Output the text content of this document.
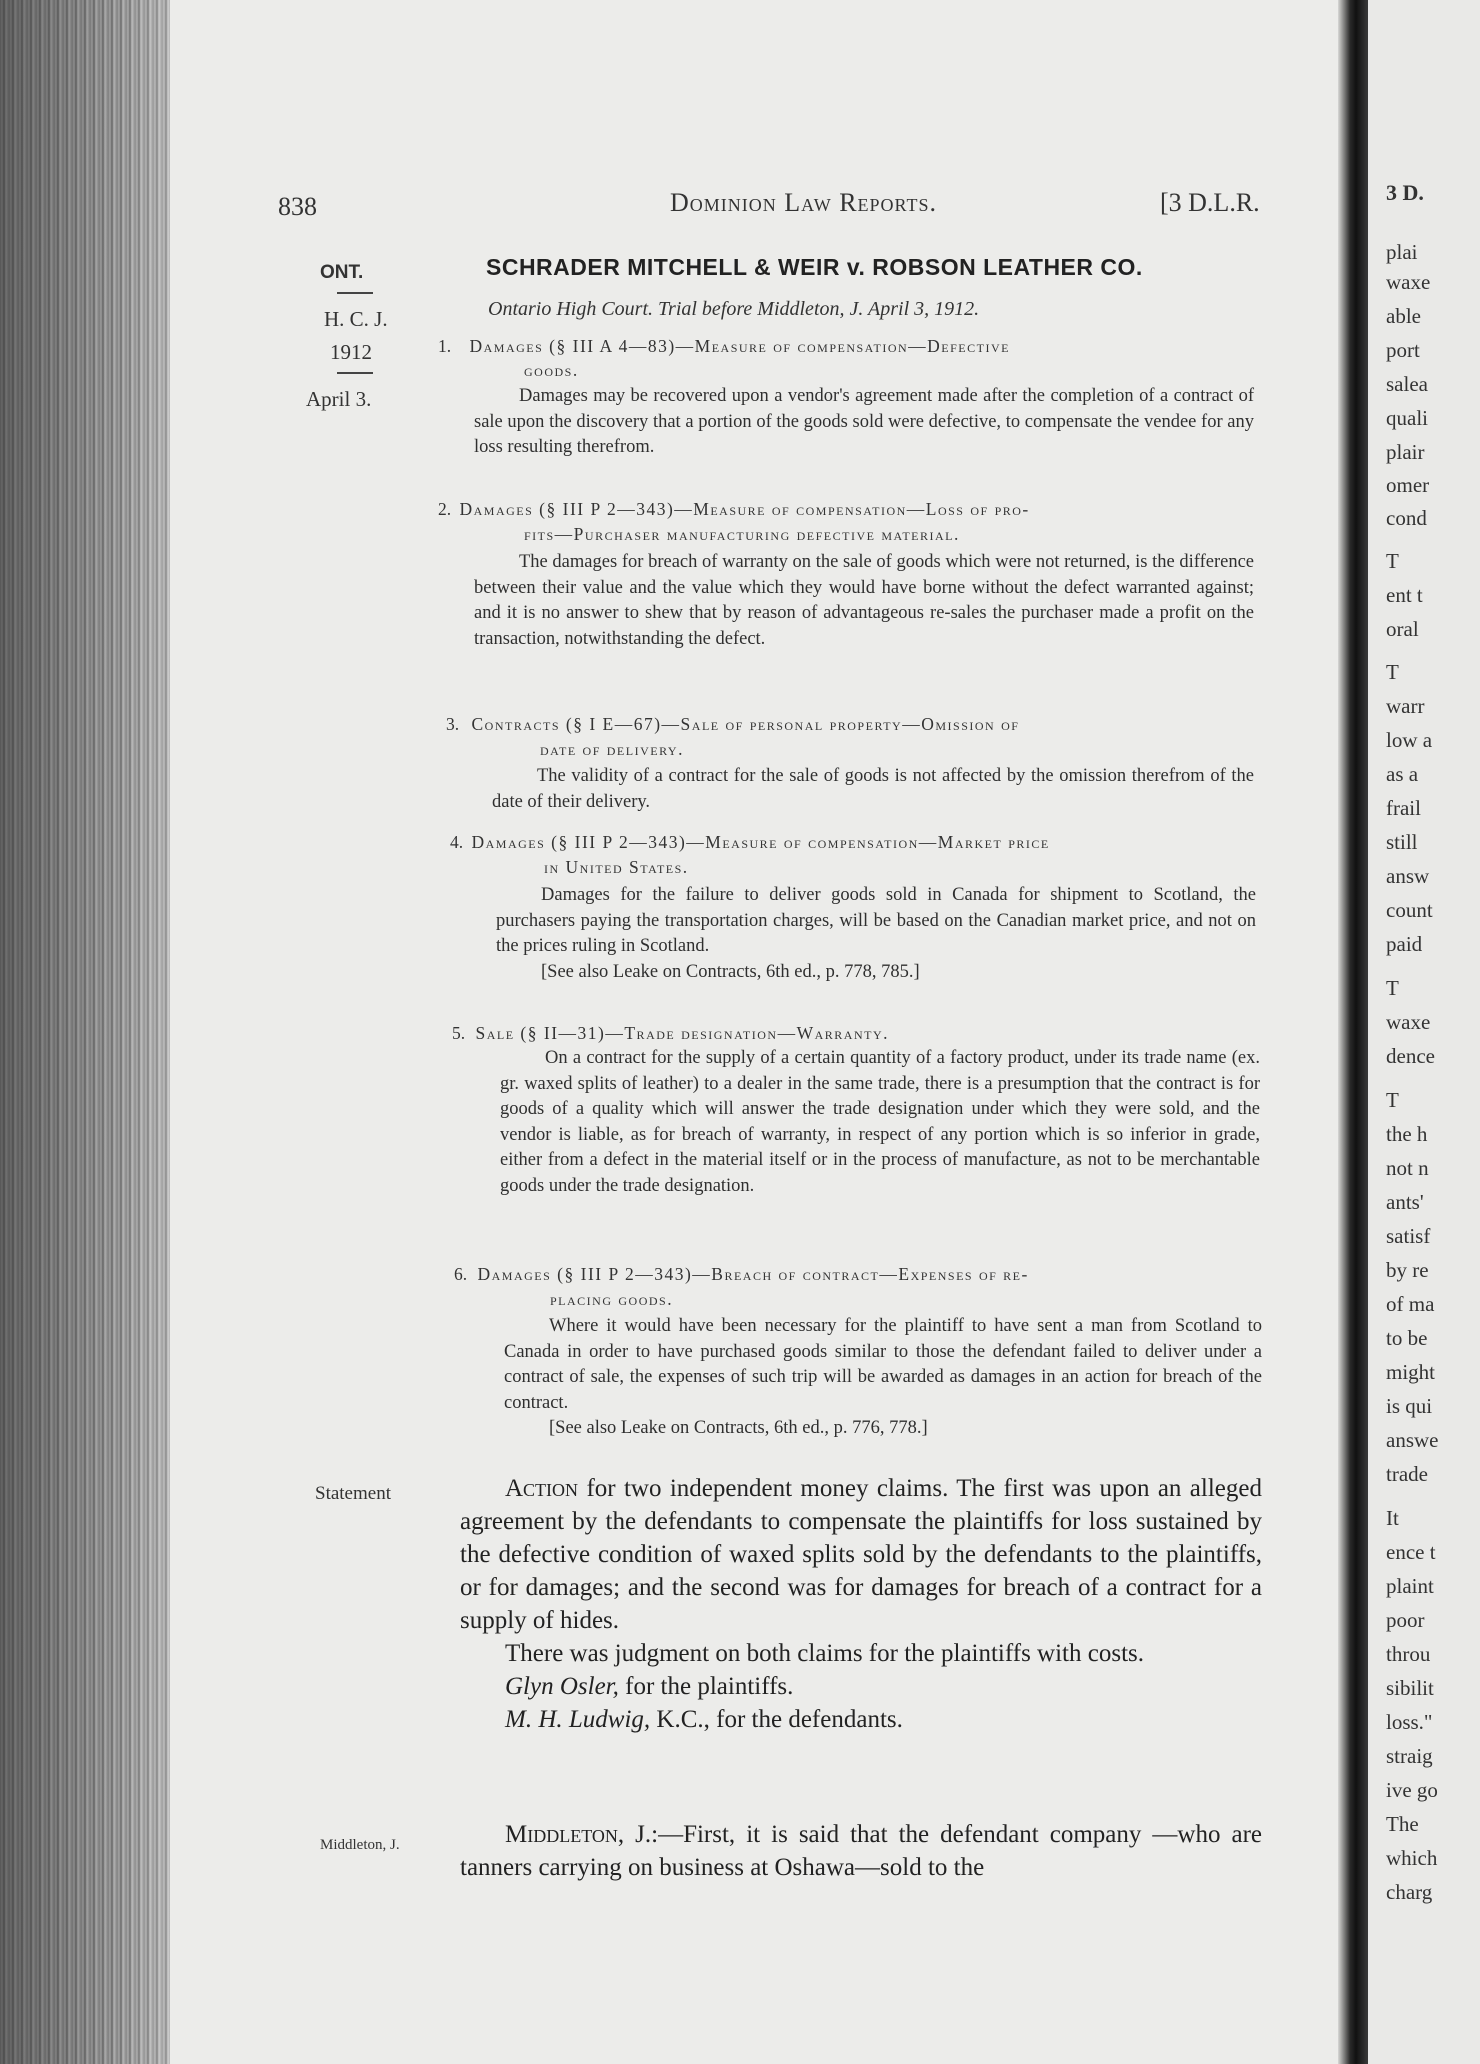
838	Dominion Law Reports.	[3 D.L.R.
ONT.
H. C. J.
1912
April 3.
Statement
Middleton, J.
SCHRADER MITCHELL & WEIR v. ROBSON LEATHER CO.
Ontario High Court. Trial before Middleton, J. April 3, 1912.
1. Damages (§ III A 4—83)—Measure of compensation—Defective
goods.

Damages may be recovered upon a vendor's agreement made after the completion of a contract of sale upon the discovery that a portion of the goods sold were defective, to compensate the vendee for any loss resulting therefrom.

2. Damages (§ III P 2—343)—Measure of compensation—Loss of pro-
fits—Purchaser manufacturing defective material.

The damages for breach of warranty on the sale of goods which were not returned, is the difference between their value and the value which they would have borne without the defect warranted against; and it is no answer to shew that by reason of advantageous re-sales the purchaser made a profit on the transaction, notwithstanding the defect.

3. Contracts (§ I E—67)—Sale of personal property—Omission of
date of delivery.

The validity of a contract for the sale of goods is not affected by the omission therefrom of the date of their delivery.

4. Damages (§ III P 2—343)—Measure of compensation—Market price
in United States.

Damages for the failure to deliver goods sold in Canada for shipment to Scotland, the purchasers paying the transportation charges, will be based on the Canadian market price, and not on the prices ruling in Scotland.

[See also Leake on Contracts, 6th ed., p. 778, 785.]

5. Sale (§ II—31)—Trade designation—Warranty.

On a contract for the supply of a certain quantity of a factory product, under its trade name (ex. gr. waxed splits of leather) to a dealer in the same trade, there is a presumption that the contract is for goods of a quality which will answer the trade designation under which they were sold, and the vendor is liable, as for breach of warranty, in respect of any portion which is so inferior in grade, either from a defect in the material itself or in the process of manufacture, as not to be merchantable goods under the trade designation.

6. Damages (§ III P 2—343)—Breach of contract—Expenses of re-
placing goods.

Where it would have been necessary for the plaintiff to have sent a man from Scotland to Canada in order to have purchased goods similar to those the defendant failed to deliver under a contract of sale, the expenses of such trip will be awarded as damages in an action for breach of the contract.

[See also Leake on Contracts, 6th ed., p. 776, 778.]

Action for two independent money claims. The first was upon an alleged agreement by the defendants to compensate the plaintiffs for loss sustained by the defective condition of waxed splits sold by the defendants to the plaintiffs, or for damages; and the second was for damages for breach of a contract for a supply of hides.

There was judgment on both claims for the plaintiffs with costs.

Glyn Osler, for the plaintiffs.

M. H. Ludwig, K.C., for the defendants.

Middleton, J.:—First, it is said that the defendant company —who are tanners carrying on business at Oshawa—sold to the

3 D.
plai
waxe
able
port
salea
quali
plair
omer
cond
T
ent t
oral
T
warr
low a
as a
frail
still
answ
count
paid
T
waxe
dence
T
the h
not n
ants'
satisf
by re
of ma
to be
might
is qui
answe
trade
It
ence t
plaint
poor
throu
sibilit
loss."
straig
ive go
The
which
charg
